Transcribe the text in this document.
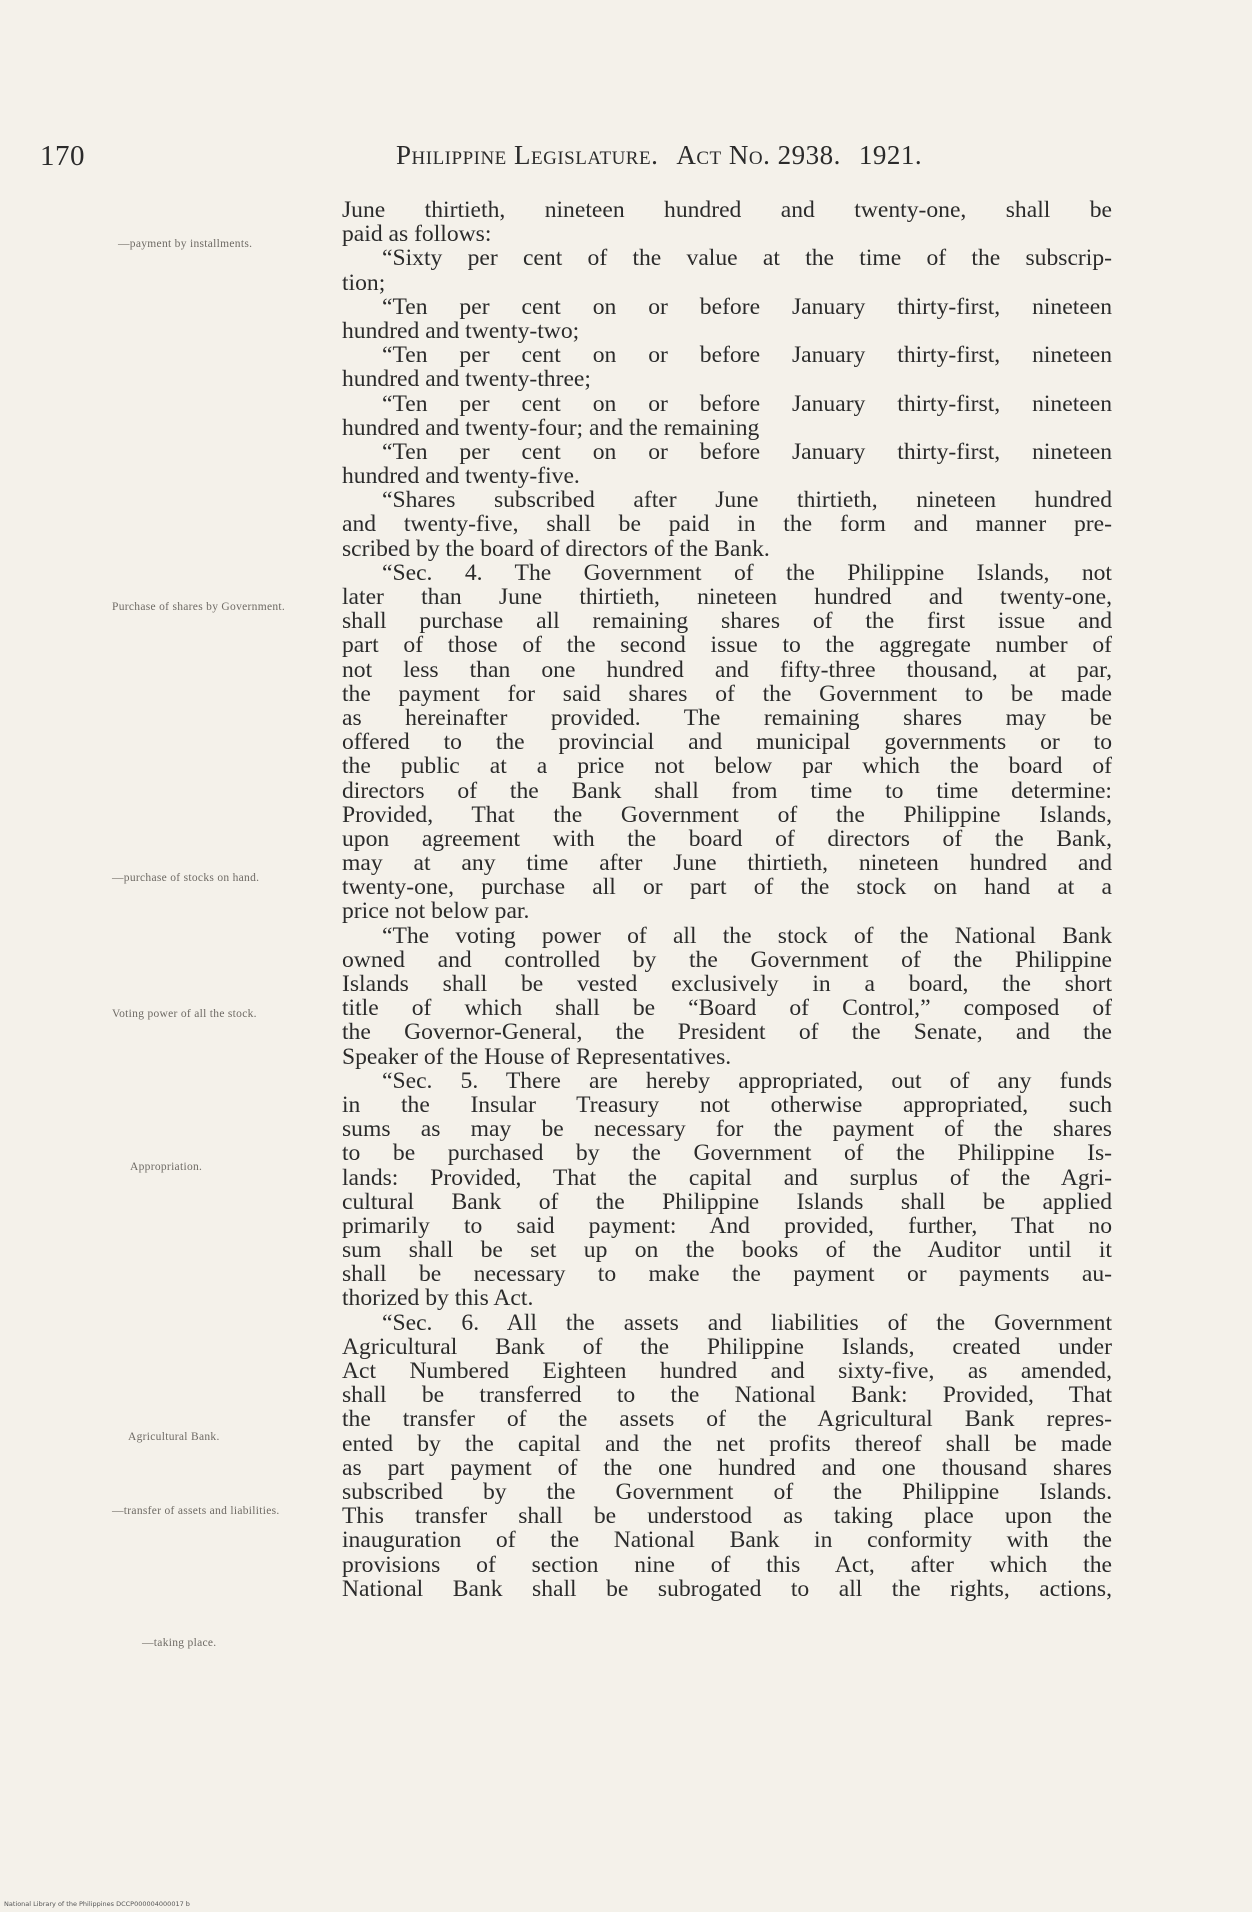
170	Philippine Legislature. Act No. 2938. 1921.
—payment by installments.
Purchase of shares by Government.
—purchase of stocks on hand.
Voting power of all the stock.
Appropriation.
Agricultural Bank.
—transfer of assets and liabilities.
—taking place.
June thirtieth, nineteen hundred and twenty-one, shall be
paid as follows:
“Sixty per cent of the value at the time of the subscrip-
tion;
“Ten per cent on or before January thirty-first, nineteen
hundred and twenty-two;
“Ten per cent on or before January thirty-first, nineteen
hundred and twenty-three;
“Ten per cent on or before January thirty-first, nineteen
hundred and twenty-four; and the remaining
“Ten per cent on or before January thirty-first, nineteen
hundred and twenty-five.
“Shares subscribed after June thirtieth, nineteen hundred
and twenty-five, shall be paid in the form and manner pre-
scribed by the board of directors of the Bank.
“Sec. 4. The Government of the Philippine Islands, not
later than June thirtieth, nineteen hundred and twenty-one,
shall purchase all remaining shares of the first issue and
part of those of the second issue to the aggregate number of
not less than one hundred and fifty-three thousand, at par,
the payment for said shares of the Government to be made
as hereinafter provided. The remaining shares may be
offered to the provincial and municipal governments or to
the public at a price not below par which the board of
directors of the Bank shall from time to time determine:
Provided, That the Government of the Philippine Islands,
upon agreement with the board of directors of the Bank,
may at any time after June thirtieth, nineteen hundred and
twenty-one, purchase all or part of the stock on hand at a
price not below par.
“The voting power of all the stock of the National Bank
owned and controlled by the Government of the Philippine
Islands shall be vested exclusively in a board, the short
title of which shall be “Board of Control,” composed of
the Governor-General, the President of the Senate, and the
Speaker of the House of Representatives.
“Sec. 5. There are hereby appropriated, out of any funds
in the Insular Treasury not otherwise appropriated, such
sums as may be necessary for the payment of the shares
to be purchased by the Government of the Philippine Is-
lands: Provided, That the capital and surplus of the Agri-
cultural Bank of the Philippine Islands shall be applied
primarily to said payment: And provided, further, That no
sum shall be set up on the books of the Auditor until it
shall be necessary to make the payment or payments au-
thorized by this Act.
“Sec. 6. All the assets and liabilities of the Government
Agricultural Bank of the Philippine Islands, created under
Act Numbered Eighteen hundred and sixty-five, as amended,
shall be transferred to the National Bank: Provided, That
the transfer of the assets of the Agricultural Bank repres-
ented by the capital and the net profits thereof shall be made
as part payment of the one hundred and one thousand shares
subscribed by the Government of the Philippine Islands.
This transfer shall be understood as taking place upon the
inauguration of the National Bank in conformity with the
provisions of section nine of this Act, after which the
National Bank shall be subrogated to all the rights, actions,
National Library of the Philippines DCCP000004000017 b
